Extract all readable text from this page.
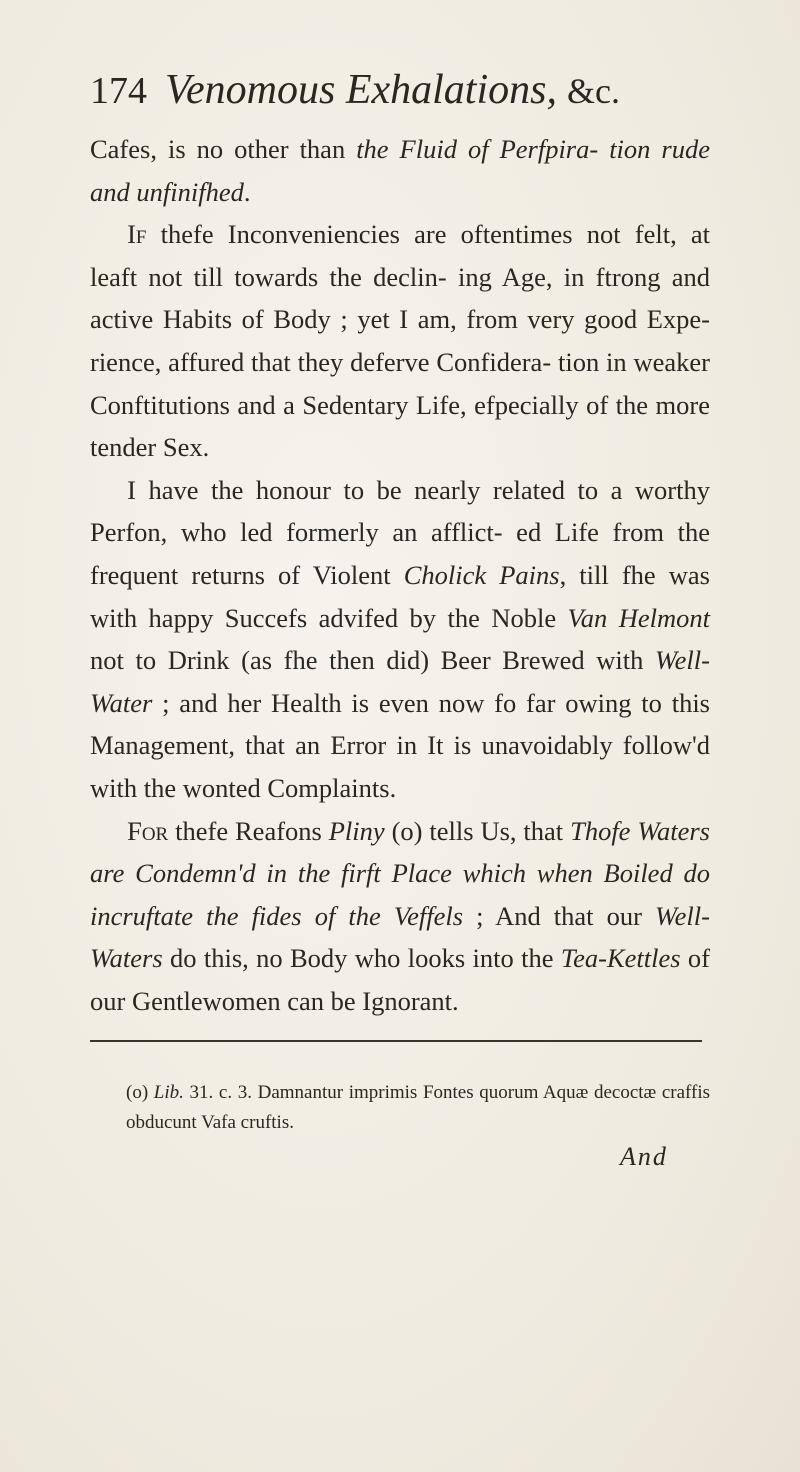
174 Venomous Exhalations, &c.

Cafes, is no other than the Fluid of Perfpira- tion rude and unfinifhed.

If thefe Inconveniencies are oftentimes not felt, at leaft not till towards the declin- ing Age, in ftrong and active Habits of Body ; yet I am, from very good Expe- rience, affured that they deferve Confidera- tion in weaker Conftitutions and a Sedentary Life, efpecially of the more tender Sex.

I have the honour to be nearly related to a worthy Perfon, who led formerly an afflict- ed Life from the frequent returns of Violent Cholick Pains, till fhe was with happy Succefs advifed by the Noble Van Helmont not to Drink (as fhe then did) Beer Brewed with Well-Water ; and her Health is even now fo far owing to this Management, that an Error in It is unavoidably follow'd with the wonted Complaints.

For thefe Reafons Pliny (o) tells Us, that Thofe Waters are Condemn'd in the firft Place which when Boiled do incruftate the fides of the Veffels ; And that our Well-Waters do this, no Body who looks into the Tea-Kettles of our Gentlewomen can be Ignorant.

(o) Lib. 31. c. 3. Damnantur imprimis Fontes quorum Aquæ decoctæ craffis obducunt Vafa cruftis.

And
